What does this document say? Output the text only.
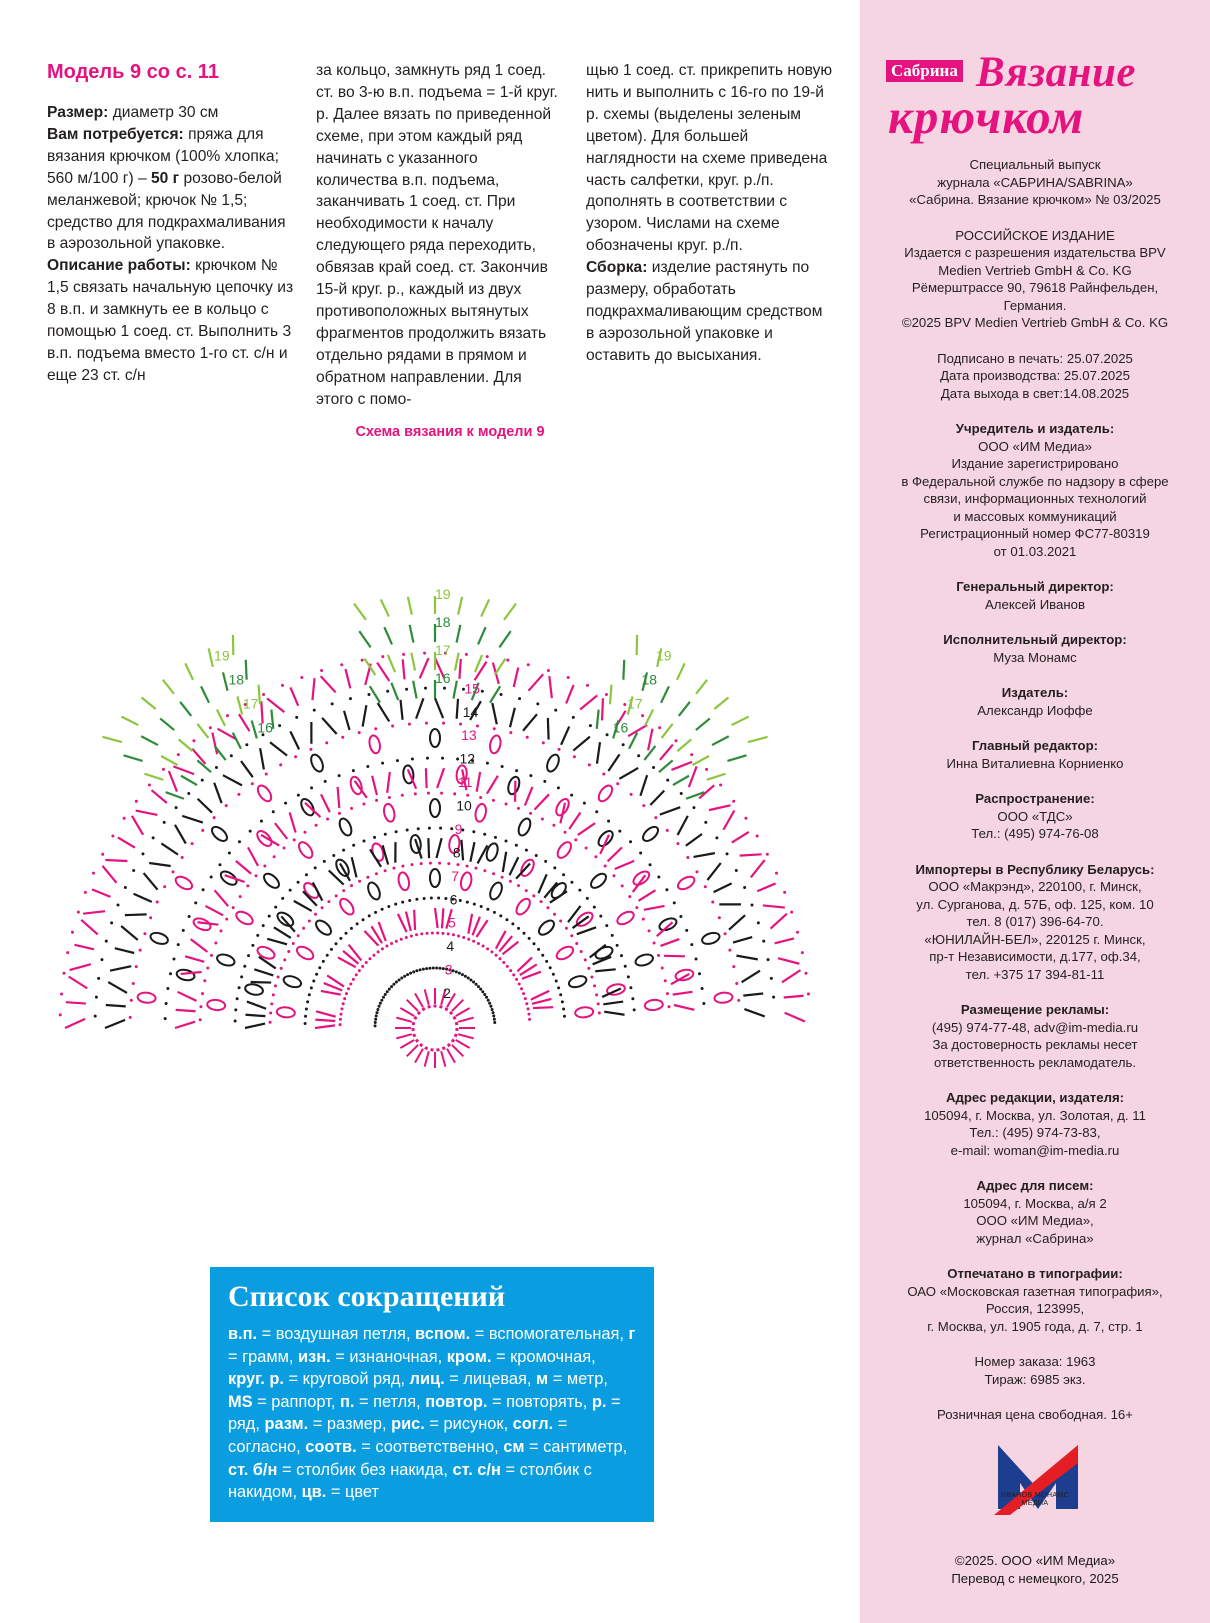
Модель 9 со с. 11

Размер: диаметр 30 см

Вам потребуется: пряжа для вязания крючком (100% хлопка; 560 м/100 г) – 50 г розово-белой меланжевой; крючок № 1,5; средство для подкрахмаливания в аэрозольной упаковке.

Описание работы: крючком № 1,5 связать начальную цепочку из 8 в.п. и замкнуть ее в кольцо с помощью 1 соед. ст. Выполнить 3 в.п. подъема вместо 1-го ст. с/н и еще 23 ст. с/н

за кольцо, замкнуть ряд 1 соед. ст. во 3-ю в.п. подъема = 1-й круг. р. Далее вязать по приведенной схеме, при этом каждый ряд начинать с указанного количества в.п. подъема, заканчивать 1 соед. ст. При необходимости к началу следующего ряда переходить, обвязав край соед. ст. Закончив 15-й круг. р., каждый из двух противоположных вытянутых фрагментов продолжить вязать отдельно рядами в прямом и обратном направлении. Для этого с помо-

щью 1 соед. ст. прикрепить новую нить и выполнить с 16-го по 19-й р. схемы (выделены зеленым цветом). Для большей наглядности на схеме приведена часть салфетки, круг. р./п. дополнять в соответствии с узором. Числами на схеме обозначены круг. р./п.

Сборка: изделие растянуть по размеру, обработать подкрахмаливающим средством в аэрозольной упаковке и оставить до высыхания.

Схема вязания к модели 9
2
3
4
5
6
7
8
9
10
11
12
13
14
15
16
16
16
17
17
17
18
18
18
19
19
19
Список сокращений
в.п. = воздушная петля, вспом. = вспомогательная, г = грамм, изн. = изнаночная, кром. = кромочная, круг. р. = круговой ряд, лиц. = лицевая, м = метр, MS = раппорт, п. = петля, повтор. = повторять, р. = ряд, разм. = размер, рис. = рисунок, согл. = согласно, соотв. = соответственно, см = сантиметр, ст. б/н = столбик без накида, ст. с/н = столбик с накидом, цв. = цвет
Сабрина Вязание
крючком
Специальный выпуск
журнала «САБРИНА/SABRINA»
«Сабрина. Вязание крючком» № 03/2025
РОССИЙСКОЕ ИЗДАНИЕ
Издается с разрешения издательства BPV
Medien Vertrieb GmbH & Co. KG
Рёмерштрассе 90, 79618 Райнфельден,
Германия.
©2025 BPV Medien Vertrieb GmbH & Co. KG
Подписано в печать: 25.07.2025
Дата производства: 25.07.2025
Дата выхода в свет:14.08.2025
Учредитель и издатель:
ООО «ИМ Медиа»
Издание зарегистрировано
в Федеральной службе по надзору в сфере
связи, информационных технологий
и массовых коммуникаций
Регистрационный номер ФС77-80319
от 01.03.2021
Генеральный директор:
Алексей Иванов
Исполнительный директор:
Муза Монамс
Издатель:
Александр Иоффе
Главный редактор:
Инна Виталиевна Корниенко
Распространение:
ООО «ТДС»
Тел.: (495) 974-76-08
Импортеры в Республику Беларусь:
ООО «Макрэнд», 220100, г. Минск,
ул. Сурганова, д. 57Б, оф. 125, ком. 10
тел. 8 (017) 396-64-70.
«ЮНИЛАЙН-БЕЛ», 220125 г. Минск,
пр-т Независимости, д.177, оф.34,
тел. +375 17 394-81-11
Размещение рекламы:
(495) 974-77-48, adv@im-media.ru
За достоверность рекламы несет
ответственность рекламодатель.
Адрес редакции, издателя:
105094, г. Москва, ул. Золотая, д. 11
Тел.: (495) 974-73-83,
e-mail: woman@im-media.ru
Адрес для писем:
105094, г. Москва, а/я 2
ООО «ИМ Медиа»,
журнал «Сабрина»
Отпечатано в типографии:
ОАО «Московская газетная типография»,
Россия, 123995,
г. Москва, ул. 1905 года, д. 7, стр. 1
Номер заказа: 1963
Тираж: 6985 экз.
Розничная цена свободная. 16+
ИВАНОВ МОНАМС
МЕДИА
©2025. ООО «ИМ Медиа»
Перевод с немецкого, 2025
